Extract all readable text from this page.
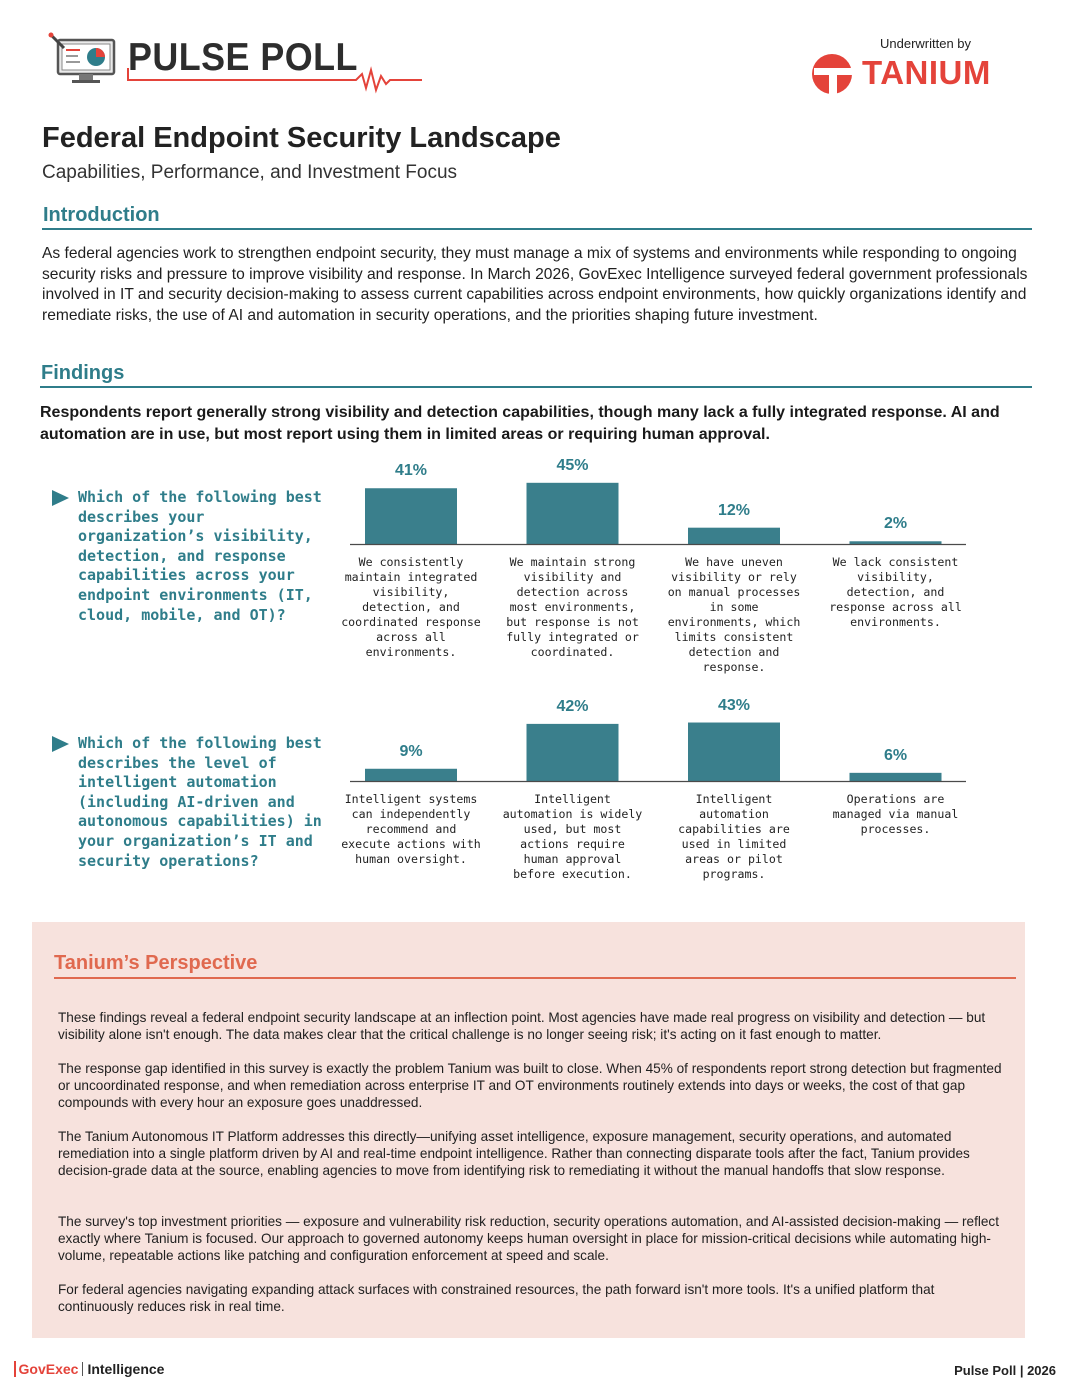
PULSE POLL	Underwritten by
TANIUM
Federal Endpoint Security Landscape
Capabilities, Performance, and Investment Focus
Introduction
As federal agencies work to strengthen endpoint security, they must manage a mix of systems and environments while responding to ongoing security risks and pressure to improve visibility and response. In March 2026, GovExec Intelligence surveyed federal government professionals involved in IT and security decision-making to assess current capabilities across endpoint environments, how quickly organizations identify and remediate risks, the use of AI and automation in security operations, and the priorities shaping future investment.
Findings
Respondents report generally strong visibility and detection capabilities, though many lack a fully integrated response. AI and automation are in use, but most report using them in limited areas or requiring human approval.
Which of the following best describes your organization’s visibility, detection, and response capabilities across your endpoint environments (IT, cloud, mobile, and OT)?
41%
We consistently maintain integrated visibility, detection, and coordinated response across all environments.
45%
We maintain strong visibility and detection across most environments, but response is not fully integrated or coordinated.
12%
We have uneven visibility or rely on manual processes in some environments, which limits consistent detection and response.
2%
We lack consistent visibility, detection, and response across all environments.
Which of the following best describes the level of intelligent automation (including AI-driven and autonomous capabilities) in your organization’s IT and security operations?
9%
Intelligent systems can independently recommend and execute actions with human oversight.
42%
Intelligent automation is widely used, but most actions require human approval before execution.
43%
Intelligent automation capabilities are used in limited areas or pilot programs.
6%
Operations are managed via manual processes.
Tanium’s Perspective

These findings reveal a federal endpoint security landscape at an inflection point. Most agencies have made real progress on visibility and detection — but visibility alone isn't enough. The data makes clear that the critical challenge is no longer seeing risk; it's acting on it fast enough to matter.

The response gap identified in this survey is exactly the problem Tanium was built to close. When 45% of respondents report strong detection but fragmented or uncoordinated response, and when remediation across enterprise IT and OT environments routinely extends into days or weeks, the cost of that gap compounds with every hour an exposure goes unaddressed.

The Tanium Autonomous IT Platform addresses this directly—unifying asset intelligence, exposure management, security operations, and automated remediation into a single platform driven by AI and real-time endpoint intelligence. Rather than connecting disparate tools after the fact, Tanium provides decision-grade data at the source, enabling agencies to move from identifying risk to remediating it without the manual handoffs that slow response.

The survey's top investment priorities — exposure and vulnerability risk reduction, security operations automation, and AI-assisted decision-making — reflect exactly where Tanium is focused. Our approach to governed autonomy keeps human oversight in place for mission-critical decisions while automating high-volume, repeatable actions like patching and configuration enforcement at speed and scale.

For federal agencies navigating expanding attack surfaces with constrained resources, the path forward isn't more tools. It's a unified platform that continuously reduces risk in real time.

GovExec Intelligence	Pulse Poll | 2026
